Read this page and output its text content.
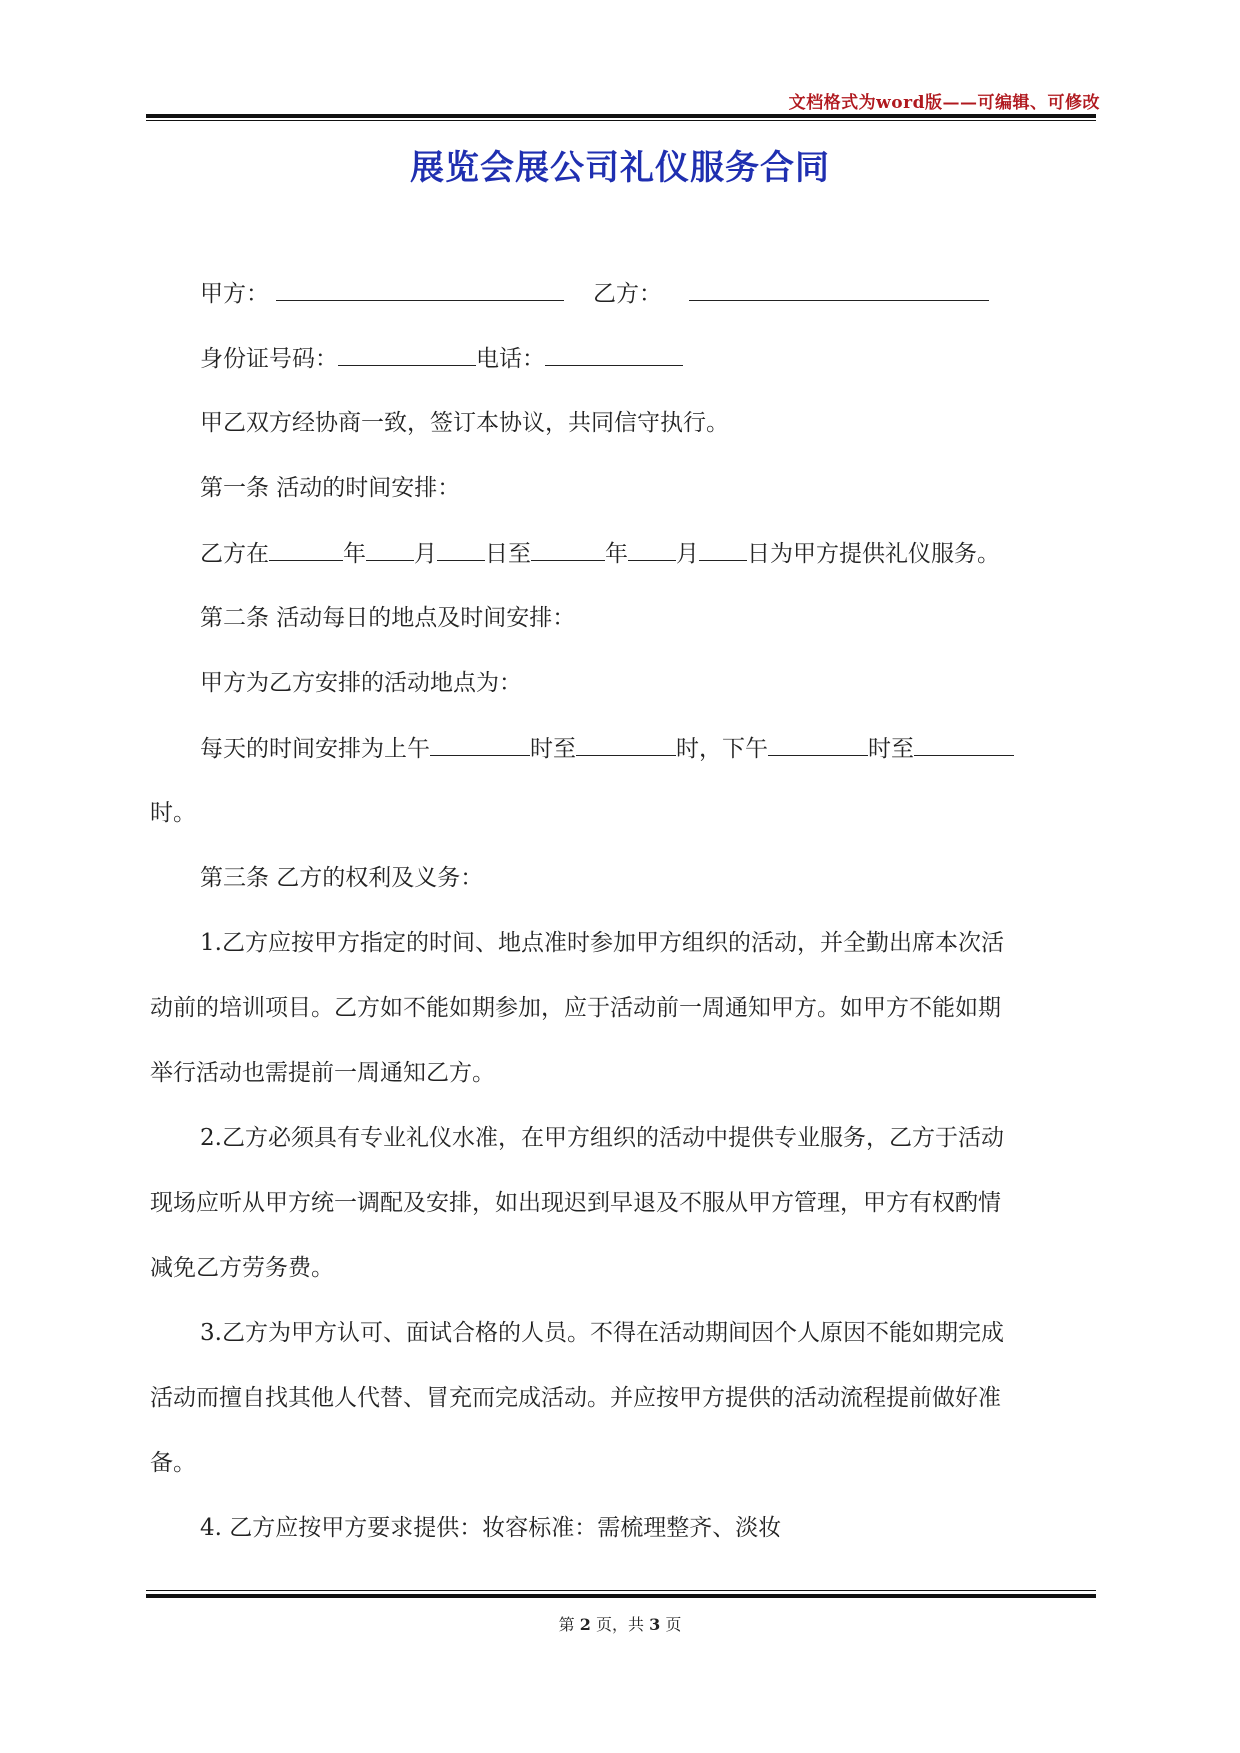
文档格式为word版——可编辑、可修改
展览会展公司礼仪服务合同
甲方：	乙方：
身份证号码：	电话：
甲乙双方经协商一致，签订本协议，共同信守执行。
第一条 活动的时间安排：
乙方在	年 月 日至	年 月 日为甲方提供礼仪服务。
第二条 活动每日的地点及时间安排：
甲方为乙方安排的活动地点为：
每天的时间安排为上午	时至	时，下午	时至
时。
第三条 乙方的权利及义务：
1.乙方应按甲方指定的时间、地点准时参加甲方组织的活动，并全勤出席本次活
动前的培训项目。乙方如不能如期参加，应于活动前一周通知甲方。如甲方不能如期
举行活动也需提前一周通知乙方。
2.乙方必须具有专业礼仪水准，在甲方组织的活动中提供专业服务，乙方于活动
现场应听从甲方统一调配及安排，如出现迟到早退及不服从甲方管理，甲方有权酌情
减免乙方劳务费。
3.乙方为甲方认可、面试合格的人员。不得在活动期间因个人原因不能如期完成
活动而擅自找其他人代替、冒充而完成活动。并应按甲方提供的活动流程提前做好准
备。
4. 乙方应按甲方要求提供：妆容标准：需梳理整齐、淡妆
第 2 页，共 3 页
